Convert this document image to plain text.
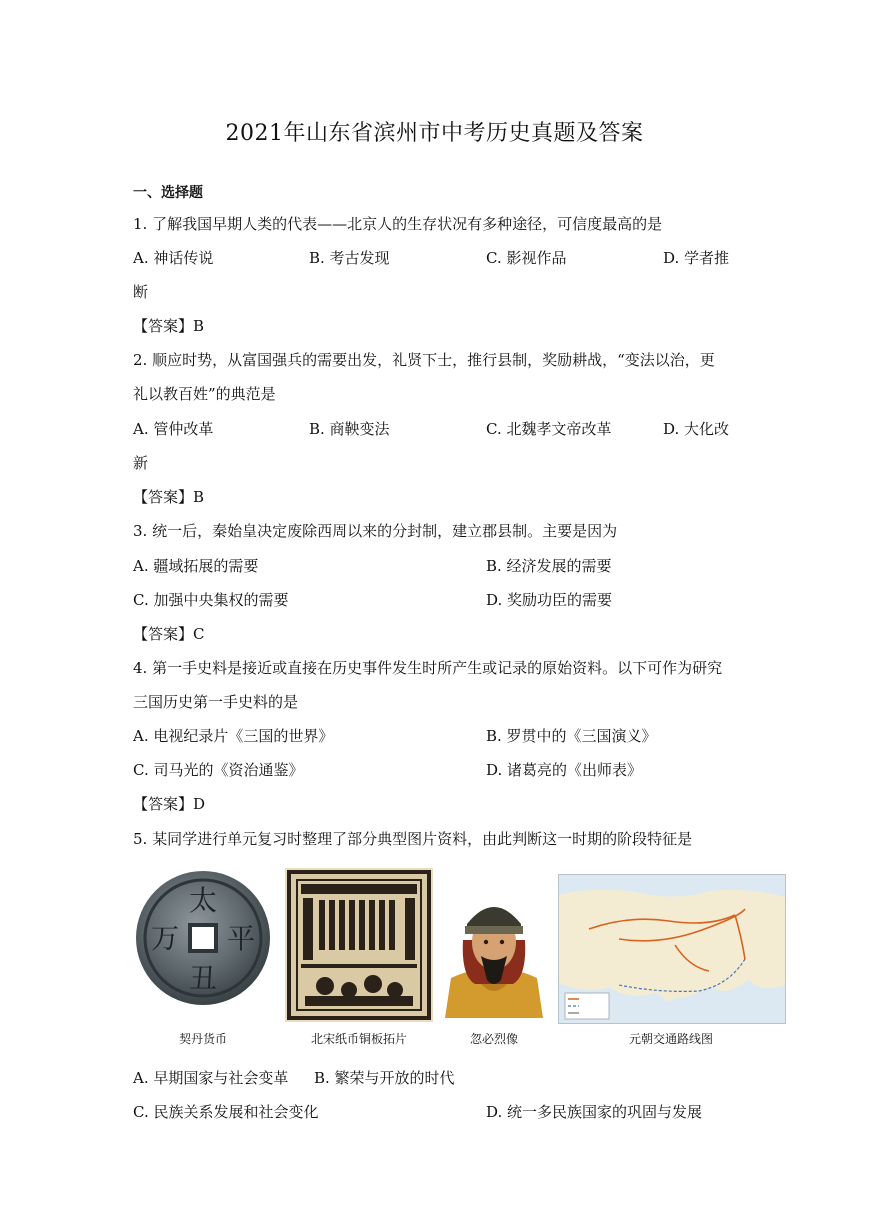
2021年山东省滨州市中考历史真题及答案
一、选择题
1. 了解我国早期人类的代表——北京人的生存状况有多种途径，可信度最高的是
A. 神话传说	B. 考古发现	C. 影视作品	D. 学者推
断
【答案】B
2. 顺应时势，从富国强兵的需要出发，礼贤下士，推行县制，奖励耕战，“变法以治，更
礼以教百姓”的典范是
A. 管仲改革	B. 商鞅变法	C. 北魏孝文帝改革	D. 大化改
新
【答案】B
3. 统一后，秦始皇决定废除西周以来的分封制，建立郡县制。主要是因为
A. 疆域拓展的需要	B. 经济发展的需要
C. 加强中央集权的需要	D. 奖励功臣的需要
【答案】C
4. 第一手史料是接近或直接在历史事件发生时所产生或记录的原始资料。以下可作为研究
三国历史第一手史料的是
A. 电视纪录片《三国的世界》	B. 罗贯中的《三国演义》
C. 司马光的《资治通鉴》	D. 诸葛亮的《出师表》
【答案】D
5. 某同学进行单元复习时整理了部分典型图片资料，由此判断这一时期的阶段特征是
太
平
万
丑
契丹货币	北宋纸币铜板拓片	忽必烈像	元朝交通路线图
A. 早期国家与社会变革 B. 繁荣与开放的时代
C. 民族关系发展和社会变化	D. 统一多民族国家的巩固与发展
